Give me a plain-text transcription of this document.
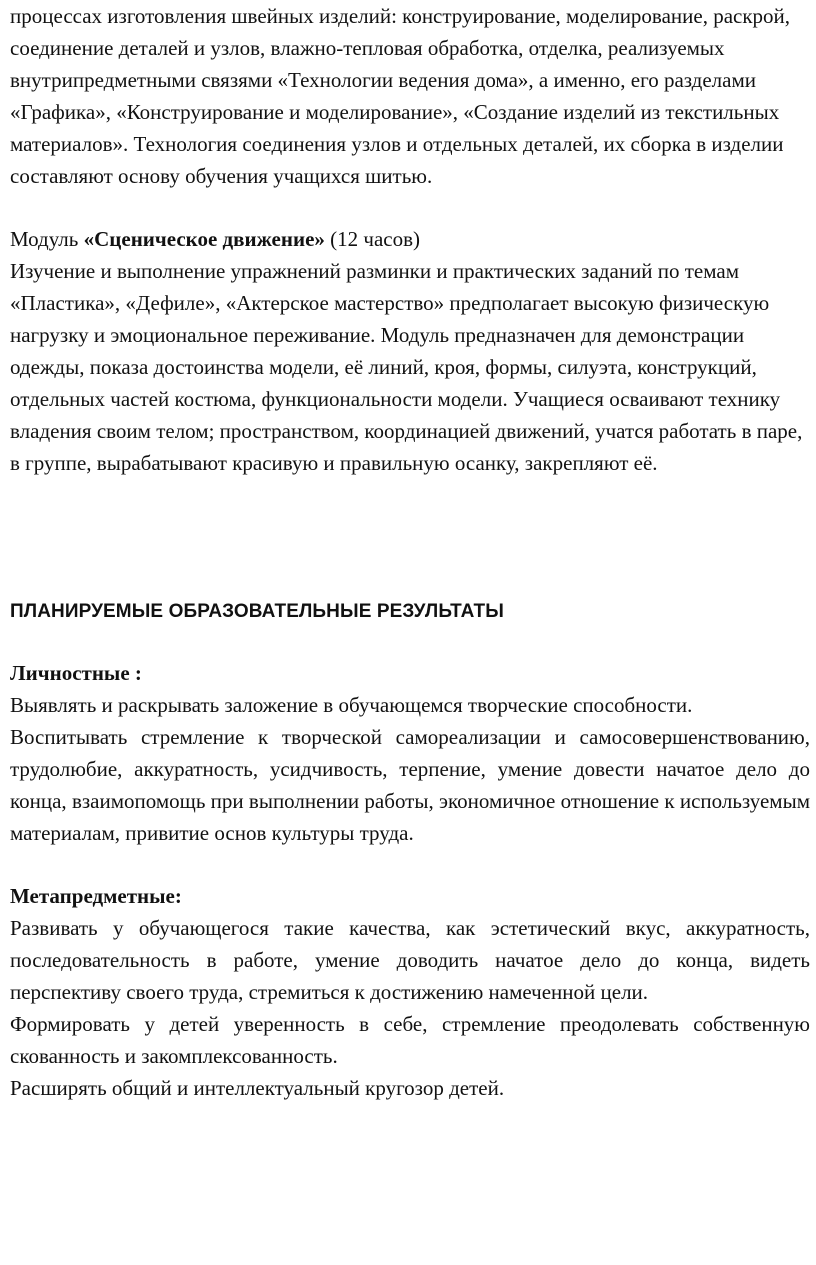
процессах изготовления швейных изделий: конструирование, моделирование, раскрой, соединение деталей и узлов, влажно-тепловая обработка, отделка, реализуемых внутрипредметными связями «Технологии ведения дома», а именно, его разделами «Графика», «Конструирование и моделирование», «Создание изделий из текстильных материалов». Технология соединения узлов и отдельных деталей, их сборка в изделии составляют основу обучения учащихся шитью.

Модуль «Сценическое движение» (12 часов)

Изучение и выполнение упражнений разминки и практических заданий по темам «Пластика», «Дефиле», «Актерское мастерство» предполагает высокую физическую нагрузку и эмоциональное переживание. Модуль предназначен для демонстрации одежды, показа достоинства модели, её линий, кроя, формы, силуэта, конструкций, отдельных частей костюма, функциональности модели. Учащиеся осваивают технику владения своим телом; пространством, координацией движений, учатся работать в паре, в группе, вырабатывают красивую и правильную осанку, закрепляют её.

ПЛАНИРУЕМЫЕ ОБРАЗОВАТЕЛЬНЫЕ РЕЗУЛЬТАТЫ

Личностные :

Выявлять и раскрывать заложение в обучающемся творческие способности.

Воспитывать стремление к творческой самореализации и самосовершенствованию, трудолюбие, аккуратность, усидчивость, терпение, умение довести начатое дело до конца, взаимопомощь при выполнении работы, экономичное отношение к используемым материалам, привитие основ культуры труда.

Метапредметные:

Развивать у обучающегося такие качества, как эстетический вкус, аккуратность, последовательность в работе, умение доводить начатое дело до конца, видеть перспективу своего труда, стремиться к достижению намеченной цели.

Формировать у детей уверенность в себе, стремление преодолевать собственную скованность и закомплексованность.

Расширять общий и интеллектуальный кругозор детей.
